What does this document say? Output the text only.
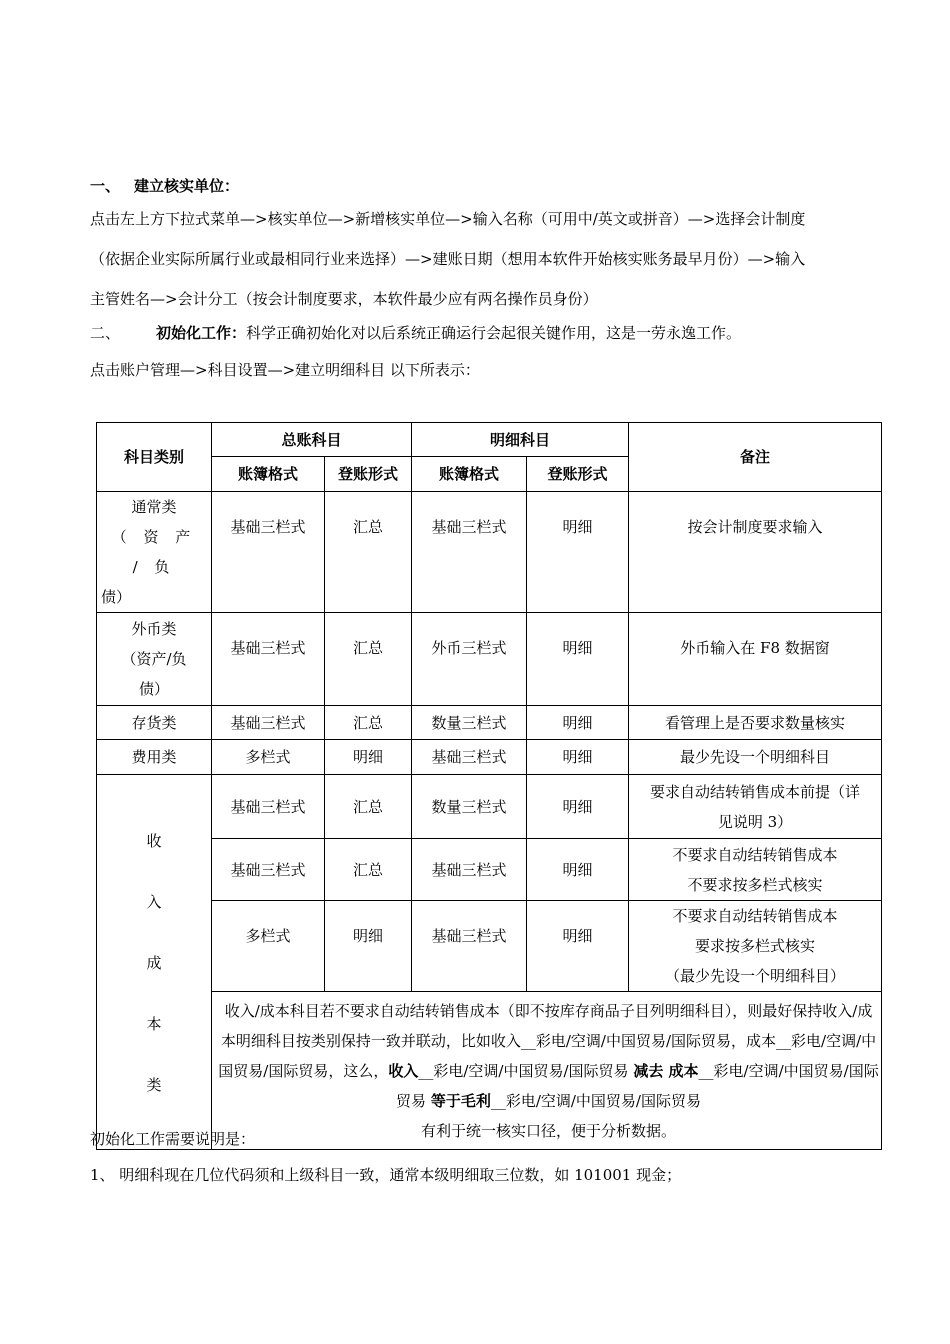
一、 建立核实单位：
点击左上方下拉式菜单—>核实单位—>新增核实单位—>输入名称（可用中/英文或拼音）—>选择会计制度
（依据企业实际所属行业或最相同行业来选择）—>建账日期（想用本软件开始核实账务最早月份）—>输入
主管姓名—>会计分工（按会计制度要求，本软件最少应有两名操作员身份）
二、 初始化工作：科学正确初始化对以后系统正确运行会起很关键作用，这是一劳永逸工作。
点击账户管理—>科目设置—>建立明细科目 以下所表示：
科目类别	总账科目		明细科目		备注
	账簿格式	登账形式	账簿格式	登账形式	

通常类
（ 资 产 / 负
债）	基础三栏式	汇总	基础三栏式	明细	按会计制度要求输入

外币类
（资产/负
债）	基础三栏式	汇总	外币三栏式	明细	外币输入在 F8 数据窗
存货类	基础三栏式	汇总	数量三栏式	明细	看管理上是否要求数量核实
费用类	多栏式	明细	基础三栏式	明细	最少先设一个明细科目

收
入
成
本
类	基础三栏式	汇总	数量三栏式	明细	要求自动结转销售成本前提（详
见说明 3）

	基础三栏式	汇总	基础三栏式	明细	不要求自动结转销售成本
不要求按多栏式核实

	多栏式	明细	基础三栏式	明细	不要求自动结转销售成本
要求按多栏式核实
（最少先设一个明细科目）

	收入/成本科目若不要求自动结转销售成本（即不按库存商品子目列明细科目），则最好保持收入/成本明细科目按类别保持一致并联动，比如收入__彩电/空调/中国贸易/国际贸易，成本__彩电/空调/中国贸易/国际贸易，这么，收入__彩电/空调/中国贸易/国际贸易 减去 成本__彩电/空调/中国贸易/国际贸易 等于毛利__彩电/空调/中国贸易/国际贸易
有利于统一核实口径，便于分析数据。				
初始化工作需要说明是：
1、 明细科现在几位代码须和上级科目一致，通常本级明细取三位数，如 101001 现金；
